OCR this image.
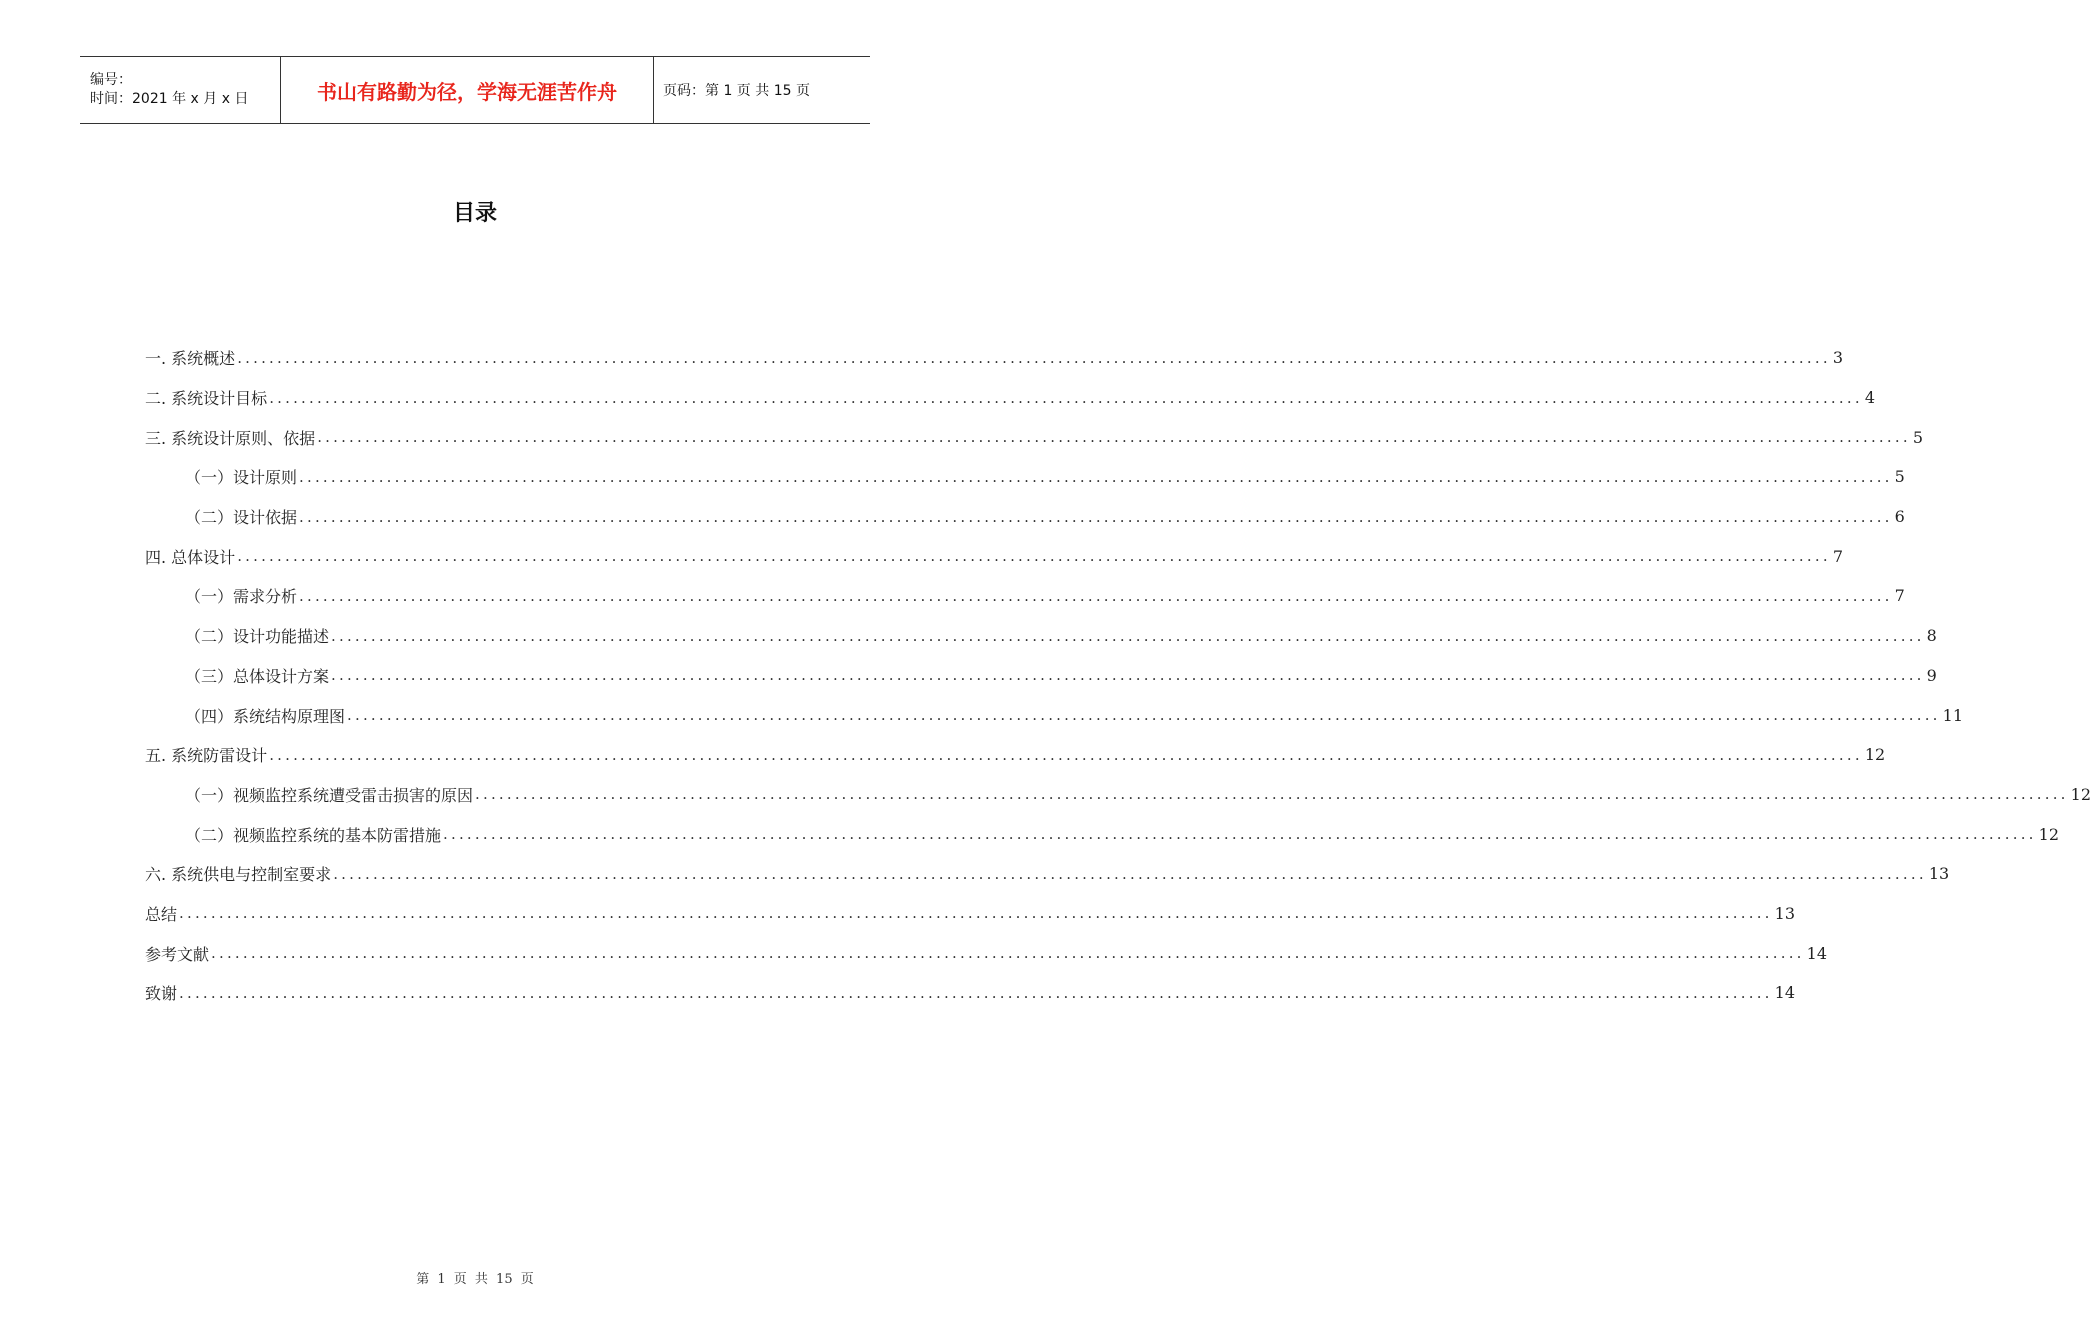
编号：
时间：2021 年 x 月 x 日	书山有路勤为径，学海无涯苦作舟	页码：第 1 页 共 15 页
目录
一. 系统概述 ........................................................................................................................................................................................................ 3
二. 系统设计目标 ........................................................................................................................................................................................................ 4
三. 系统设计原则、依据 ........................................................................................................................................................................................................ 5
（一）设计原则 ........................................................................................................................................................................................................ 5
（二）设计依据 ........................................................................................................................................................................................................ 6
四. 总体设计 ........................................................................................................................................................................................................ 7
（一）需求分析 ........................................................................................................................................................................................................ 7
（二）设计功能描述 ........................................................................................................................................................................................................ 8
（三）总体设计方案 ........................................................................................................................................................................................................ 9
（四）系统结构原理图 ........................................................................................................................................................................................................ 11
五. 系统防雷设计 ........................................................................................................................................................................................................ 12
（一）视频监控系统遭受雷击损害的原因 ........................................................................................................................................................................................................ 12
（二）视频监控系统的基本防雷措施 ........................................................................................................................................................................................................ 12
六. 系统供电与控制室要求 ........................................................................................................................................................................................................ 13
总结 ........................................................................................................................................................................................................ 13
参考文献 ........................................................................................................................................................................................................ 14
致谢 ........................................................................................................................................................................................................ 14
第 1 页 共 15 页
